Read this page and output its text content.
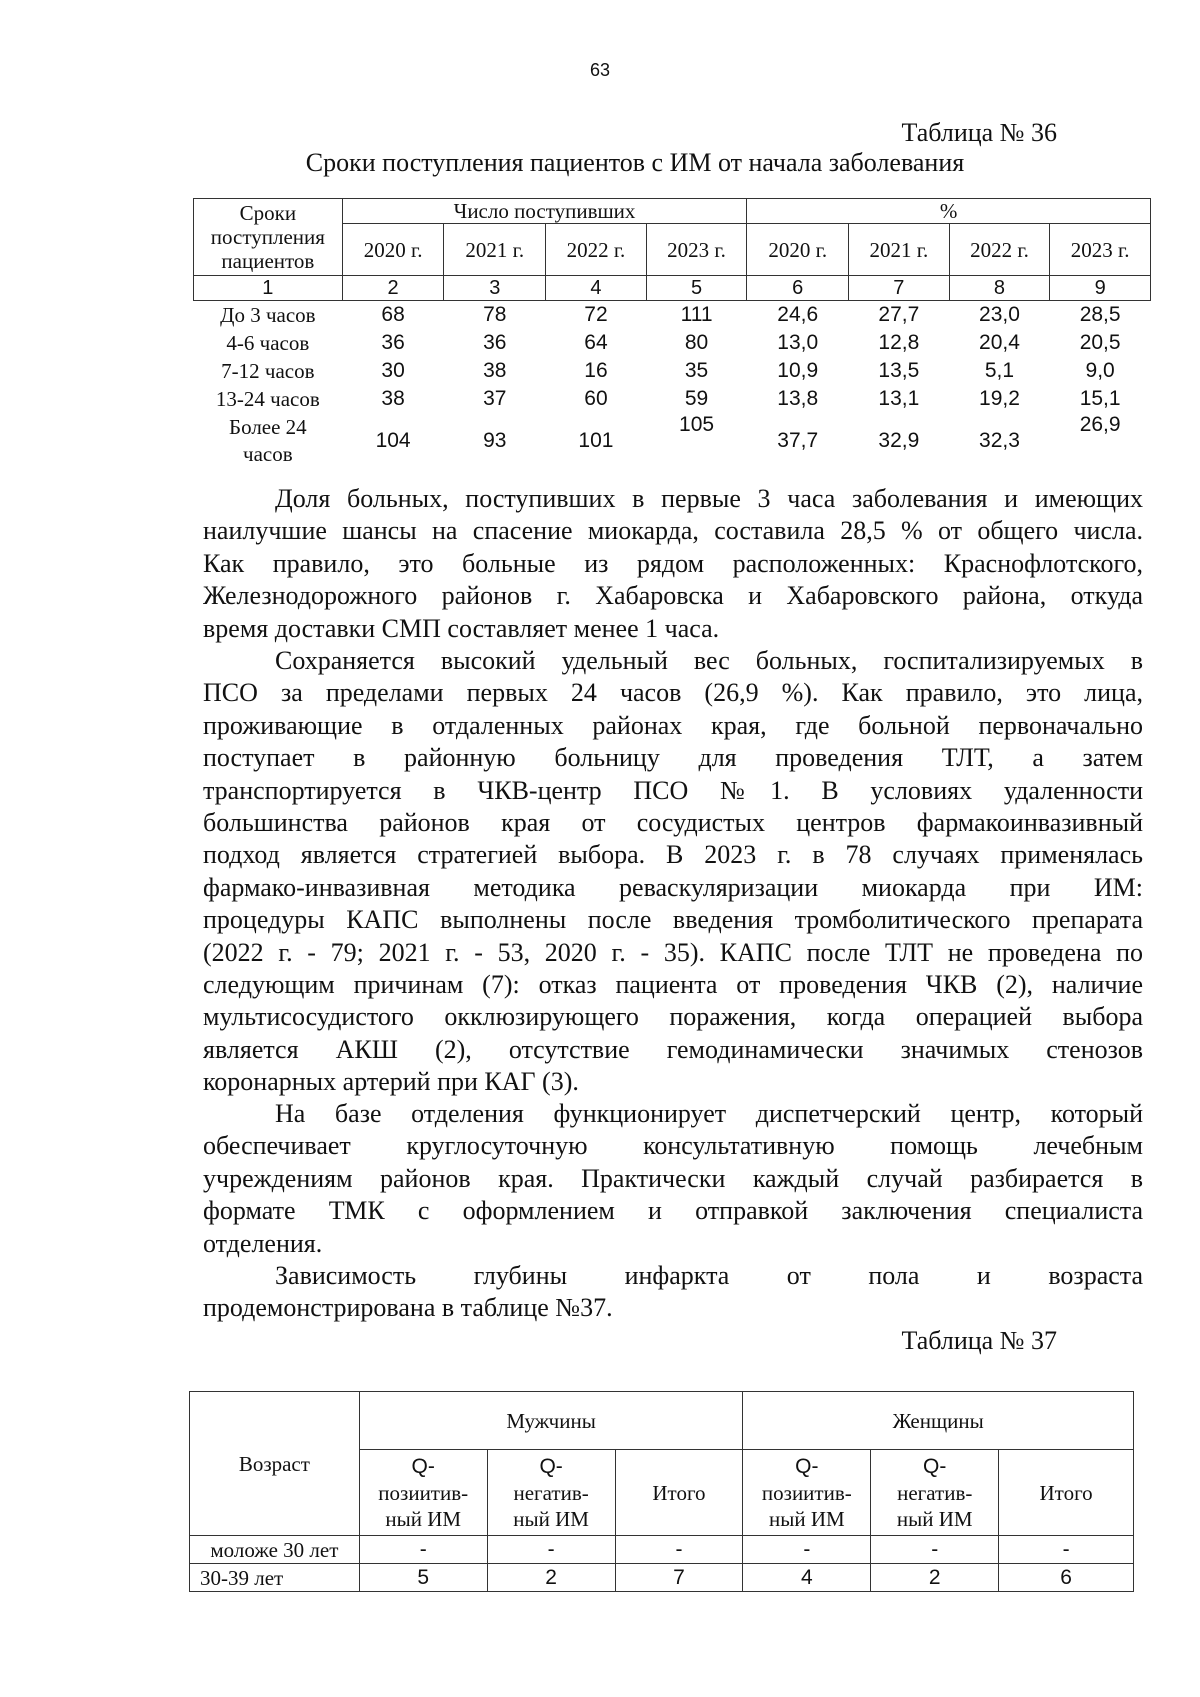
63
Таблица № 36
Сроки поступления пациентов с ИМ от начала заболевания
Сроки
поступления
пациентов	Число поступивших				%			
	2020 г.	2021 г.	2022 г.	2023 г.	2020 г.	2021 г.	2022 г.	2023 г.
1	2	3	4	5	6	7	8	9
До 3 часов	68	78	72	111	24,6	27,7	23,0	28,5
4-6 часов	36	36	64	80	13,0	12,8	20,4	20,5
7-12 часов	30	38	16	35	10,9	13,5	5,1	9,0
13-24 часов	38	37	60	59	13,8	13,1	19,2	15,1
Более 24
часов	104	93	101	105	37,7	32,9	32,3	26,9
Доля больных, поступивших в первые 3 часа заболевания и имеющих
наилучшие шансы на спасение миокарда, составила 28,5 % от общего числа.
Как правило, это больные из рядом расположенных: Краснофлотского,
Железнодорожного районов г. Хабаровска и Хабаровского района, откуда
время доставки СМП составляет менее 1 часа.
Сохраняется высокий удельный вес больных, госпитализируемых в
ПСО за пределами первых 24 часов (26,9 %). Как правило, это лица,
проживающие в отдаленных районах края, где больной первоначально
поступает в районную больницу для проведения ТЛТ, а затем
транспортируется в ЧКВ-центр ПСО №1. В условиях удаленности
большинства районов края от сосудистых центров фармакоинвазивный
подход является стратегией выбора. В 2023 г. в 78 случаях применялась
фармако-инвазивная методика реваскуляризации миокарда при ИМ:
процедуры КАПС выполнены после введения тромболитического препарата
(2022 г. - 79; 2021 г. - 53, 2020 г. - 35). КАПС после ТЛТ не проведена по
следующим причинам (7): отказ пациента от проведения ЧКВ (2), наличие
мультисосудистого окклюзирующего поражения, когда операцией выбора
является АКШ (2), отсутствие гемодинамически значимых стенозов
коронарных артерий при КАГ (3).
На базе отделения функционирует диспетчерский центр, который
обеспечивает круглосуточную консультативную помощь лечебным
учреждениям районов края. Практически каждый случай разбирается в
формате ТМК с оформлением и отправкой заключения специалиста
отделения.
Зависимость глубины инфаркта от пола и возраста
продемонстрирована в таблице №37.
Таблица № 37
Возраст	Мужчины			Женщины		
	Q-
позиитив-
ный ИМ	Q-
негатив-
ный ИМ	Итого	Q-
позиитив-
ный ИМ	Q-
негатив-
ный ИМ	Итого
моложе 30 лет	-	-	-	-	-	-
30-39 лет	5	2	7	4	2	6
